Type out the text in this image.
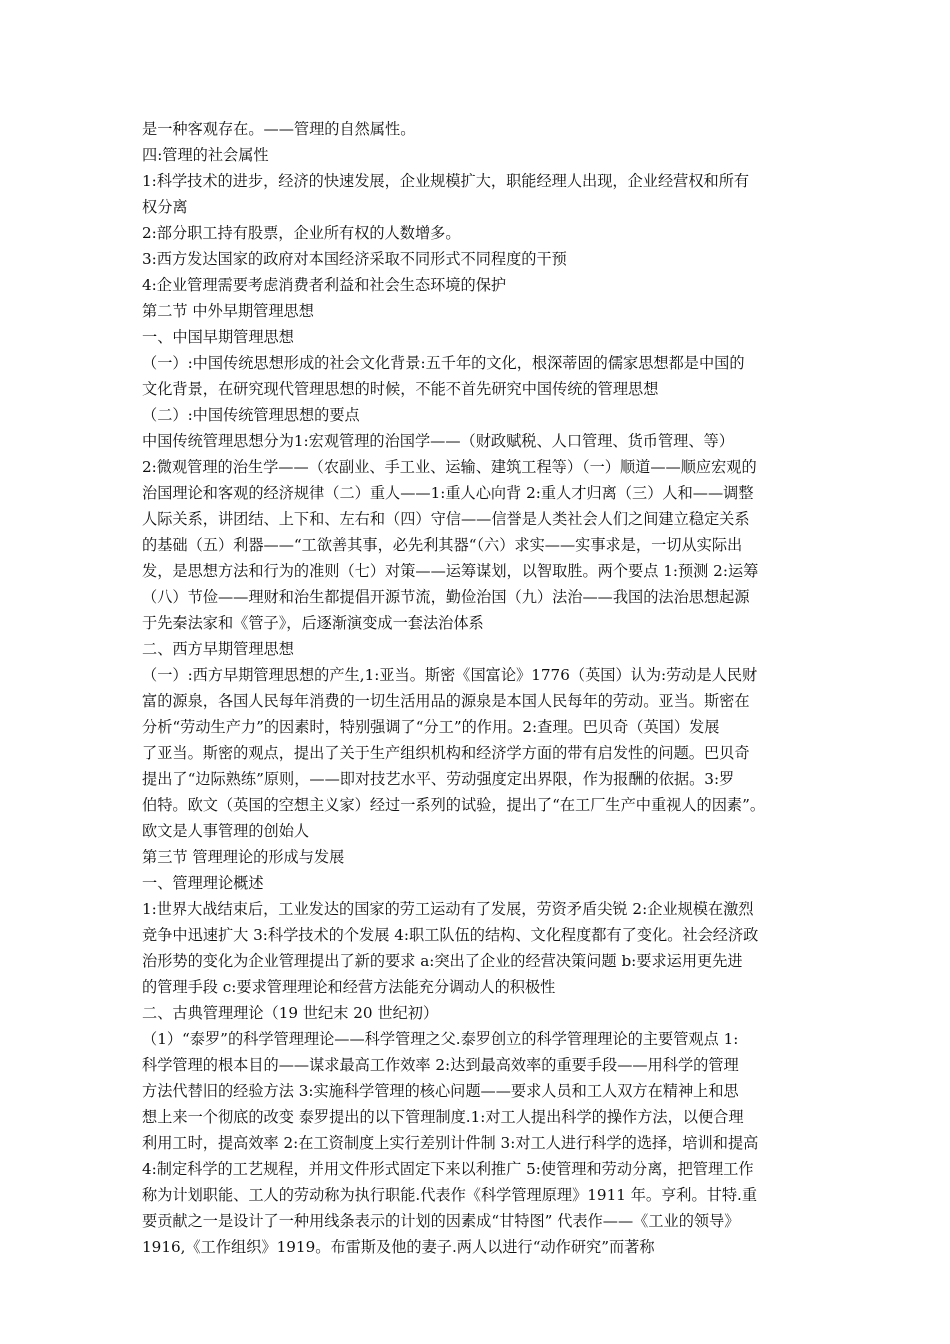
是一种客观存在。——管理的自然属性。
四:管理的社会属性
1:科学技术的进步，经济的快速发展，企业规模扩大，职能经理人出现，企业经营权和所有
权分离
2:部分职工持有股票，企业所有权的人数增多。
3:西方发达国家的政府对本国经济采取不同形式不同程度的干预
4:企业管理需要考虑消费者利益和社会生态环境的保护
第二节 中外早期管理思想
一、中国早期管理思想
（一）:中国传统思想形成的社会文化背景:五千年的文化，根深蒂固的儒家思想都是中国的
文化背景，在研究现代管理思想的时候，不能不首先研究中国传统的管理思想
（二）:中国传统管理思想的要点
中国传统管理思想分为1:宏观管理的治国学——（财政赋税、人口管理、货币管理、等）
2:微观管理的治生学——（农副业、手工业、运输、建筑工程等）（一）顺道——顺应宏观的
治国理论和客观的经济规律（二）重人——1:重人心向背 2:重人才归离（三）人和——调整
人际关系，讲团结、上下和、左右和（四）守信——信誉是人类社会人们之间建立稳定关系
的基础（五）利器——“工欲善其事，必先利其器“（六）求实——实事求是，一切从实际出
发，是思想方法和行为的准则（七）对策——运筹谋划，以智取胜。两个要点 1:预测 2:运筹
（八）节俭——理财和治生都提倡开源节流，勤俭治国（九）法治——我国的法治思想起源
于先秦法家和《管子》，后逐渐演变成一套法治体系
二、西方早期管理思想
（一）:西方早期管理思想的产生,1:亚当。斯密《国富论》1776（英国）认为:劳动是人民财
富的源泉，各国人民每年消费的一切生活用品的源泉是本国人民每年的劳动。亚当。斯密在
分析“劳动生产力”的因素时，特别强调了“分工”的作用。2:查理。巴贝奇（英国）发展
了亚当。斯密的观点，提出了关于生产组织机构和经济学方面的带有启发性的问题。巴贝奇
提出了“边际熟练”原则，——即对技艺水平、劳动强度定出界限，作为报酬的依据。3:罗
伯特。欧文（英国的空想主义家）经过一系列的试验，提出了“在工厂生产中重视人的因素”。
欧文是人事管理的创始人
第三节 管理理论的形成与发展
一、管理理论概述
1:世界大战结束后，工业发达的国家的劳工运动有了发展，劳资矛盾尖锐 2:企业规模在激烈
竞争中迅速扩大 3:科学技术的个发展 4:职工队伍的结构、文化程度都有了变化。社会经济政
治形势的变化为企业管理提出了新的要求 a:突出了企业的经营决策问题 b:要求运用更先进
的管理手段 c:要求管理理论和经营方法能充分调动人的积极性
二、古典管理理论（19 世纪末 20 世纪初）
（1）“泰罗”的科学管理理论——科学管理之父.泰罗创立的科学管理理论的主要管观点 1:
科学管理的根本目的——谋求最高工作效率 2:达到最高效率的重要手段——用科学的管理
方法代替旧的经验方法 3:实施科学管理的核心问题——要求人员和工人双方在精神上和思
想上来一个彻底的改变 泰罗提出的以下管理制度.1:对工人提出科学的操作方法，以便合理
利用工时，提高效率 2:在工资制度上实行差别计件制 3:对工人进行科学的选择，培训和提高
4:制定科学的工艺规程，并用文件形式固定下来以利推广 5:使管理和劳动分离，把管理工作
称为计划职能、工人的劳动称为执行职能.代表作《科学管理原理》1911 年。亨利。甘特.重
要贡献之一是设计了一种用线条表示的计划的因素成“甘特图” 代表作——《工业的领导》
1916,《工作组织》1919。布雷斯及他的妻子.两人以进行“动作研究”而著称
